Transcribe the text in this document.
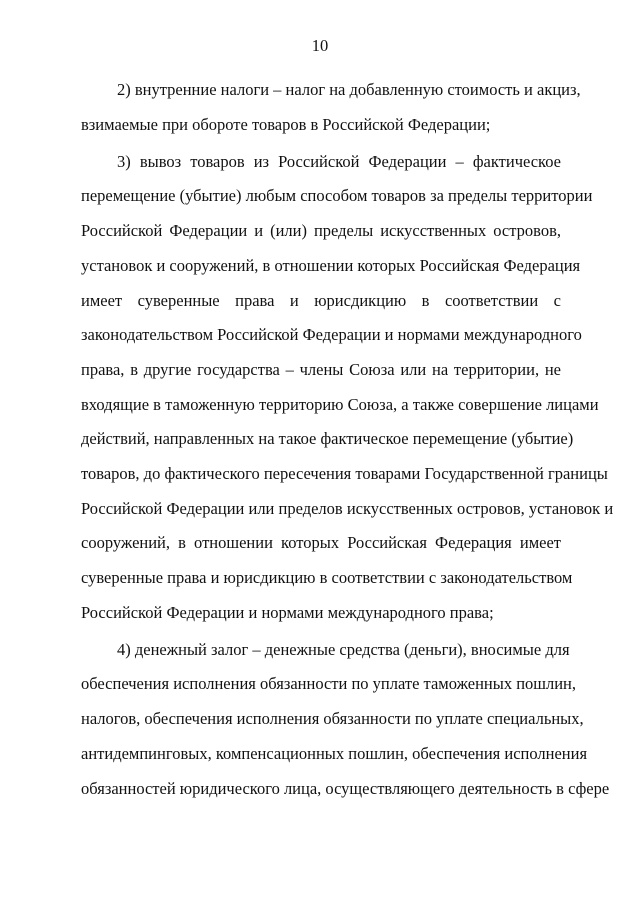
10
2) внутренние налоги – налог на добавленную стоимость и акциз,
взимаемые при обороте товаров в Российской Федерации;
3) вывоз товаров из Российской Федерации – фактическое
перемещение (убытие) любым способом товаров за пределы территории
Российской Федерации и (или) пределы искусственных островов,
установок и сооружений, в отношении которых Российская Федерация
имеет суверенные права и юрисдикцию в соответствии с
законодательством Российской Федерации и нормами международного
права, в другие государства – члены Союза или на территории, не
входящие в таможенную территорию Союза, а также совершение лицами
действий, направленных на такое фактическое перемещение (убытие)
товаров, до фактического пересечения товарами Государственной границы
Российской Федерации или пределов искусственных островов, установок и
сооружений, в отношении которых Российская Федерация имеет
суверенные права и юрисдикцию в соответствии с законодательством
Российской Федерации и нормами международного права;
4) денежный залог – денежные средства (деньги), вносимые для
обеспечения исполнения обязанности по уплате таможенных пошлин,
налогов, обеспечения исполнения обязанности по уплате специальных,
антидемпинговых, компенсационных пошлин, обеспечения исполнения
обязанностей юридического лица, осуществляющего деятельность в сфере
